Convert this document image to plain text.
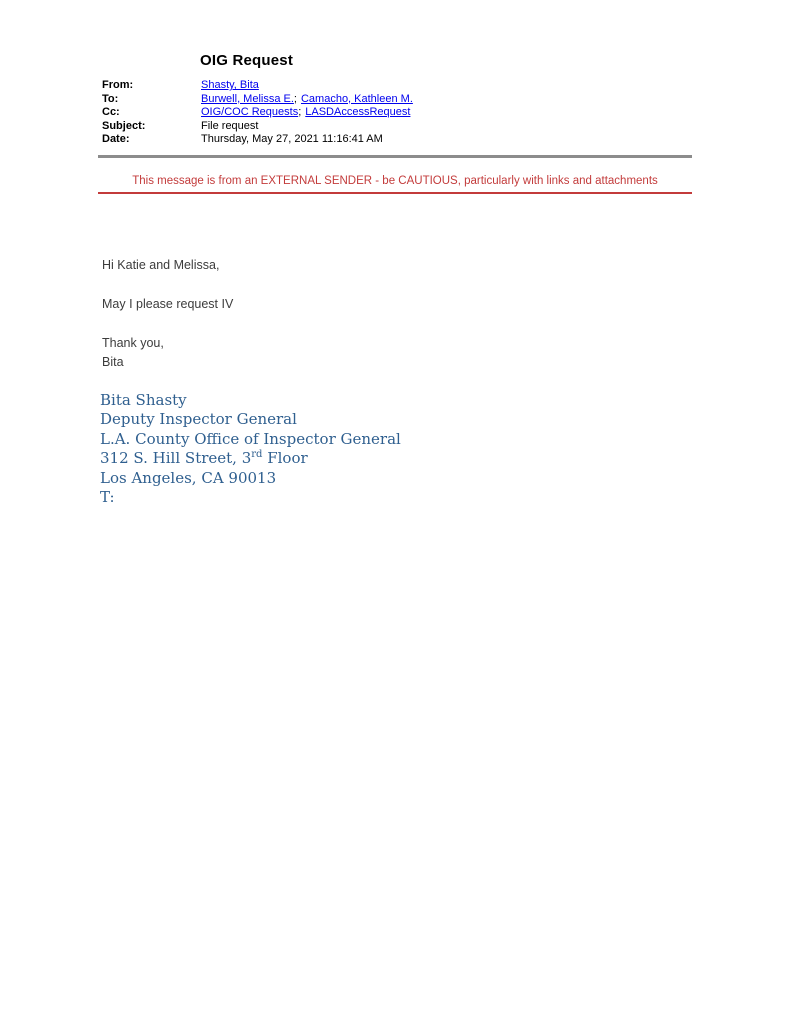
OIG Request
From:	Shasty, Bita
To:	Burwell, Melissa E.; Camacho, Kathleen M.
Cc:	OIG/COC Requests; LASDAccessRequest
Subject:	File request
Date:	Thursday, May 27, 2021 11:16:41 AM
This message is from an EXTERNAL SENDER - be CAUTIOUS, particularly with links and attachments
Hi Katie and Melissa,
May I please request IV
Thank you,
Bita
Bita Shasty
Deputy Inspector General
L.A. County Office of Inspector General
312 S. Hill Street, 3rd Floor
Los Angeles, CA 90013
T:
